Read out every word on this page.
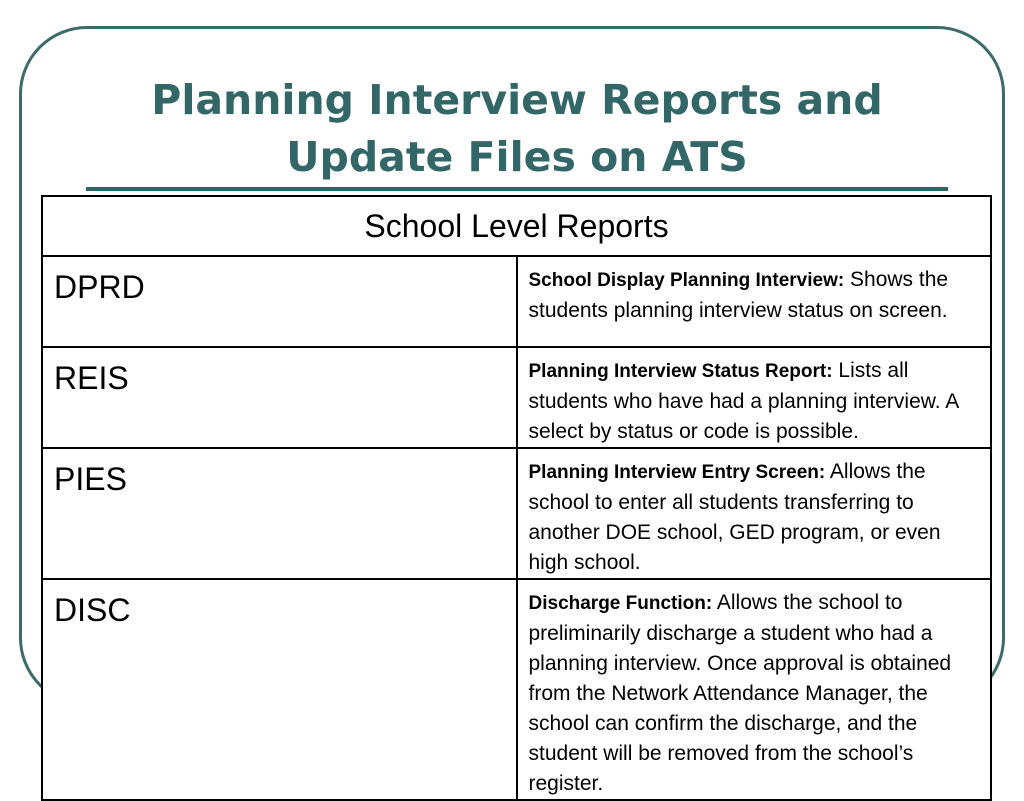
Planning Interview Reports and
Update Files on ATS
School Level Reports	
DPRD	School Display Planning Interview: Shows the students planning interview status on screen.
REIS	Planning Interview Status Report: Lists all students who have had a planning interview. A select by status or code is possible.
PIES	Planning Interview Entry Screen: Allows the school to enter all students transferring to another DOE school, GED program, or even high school.
DISC	Discharge Function: Allows the school to preliminarily discharge a student who had a planning interview. Once approval is obtained from the Network Attendance Manager, the school can confirm the discharge, and the student will be removed from the school’s register.
